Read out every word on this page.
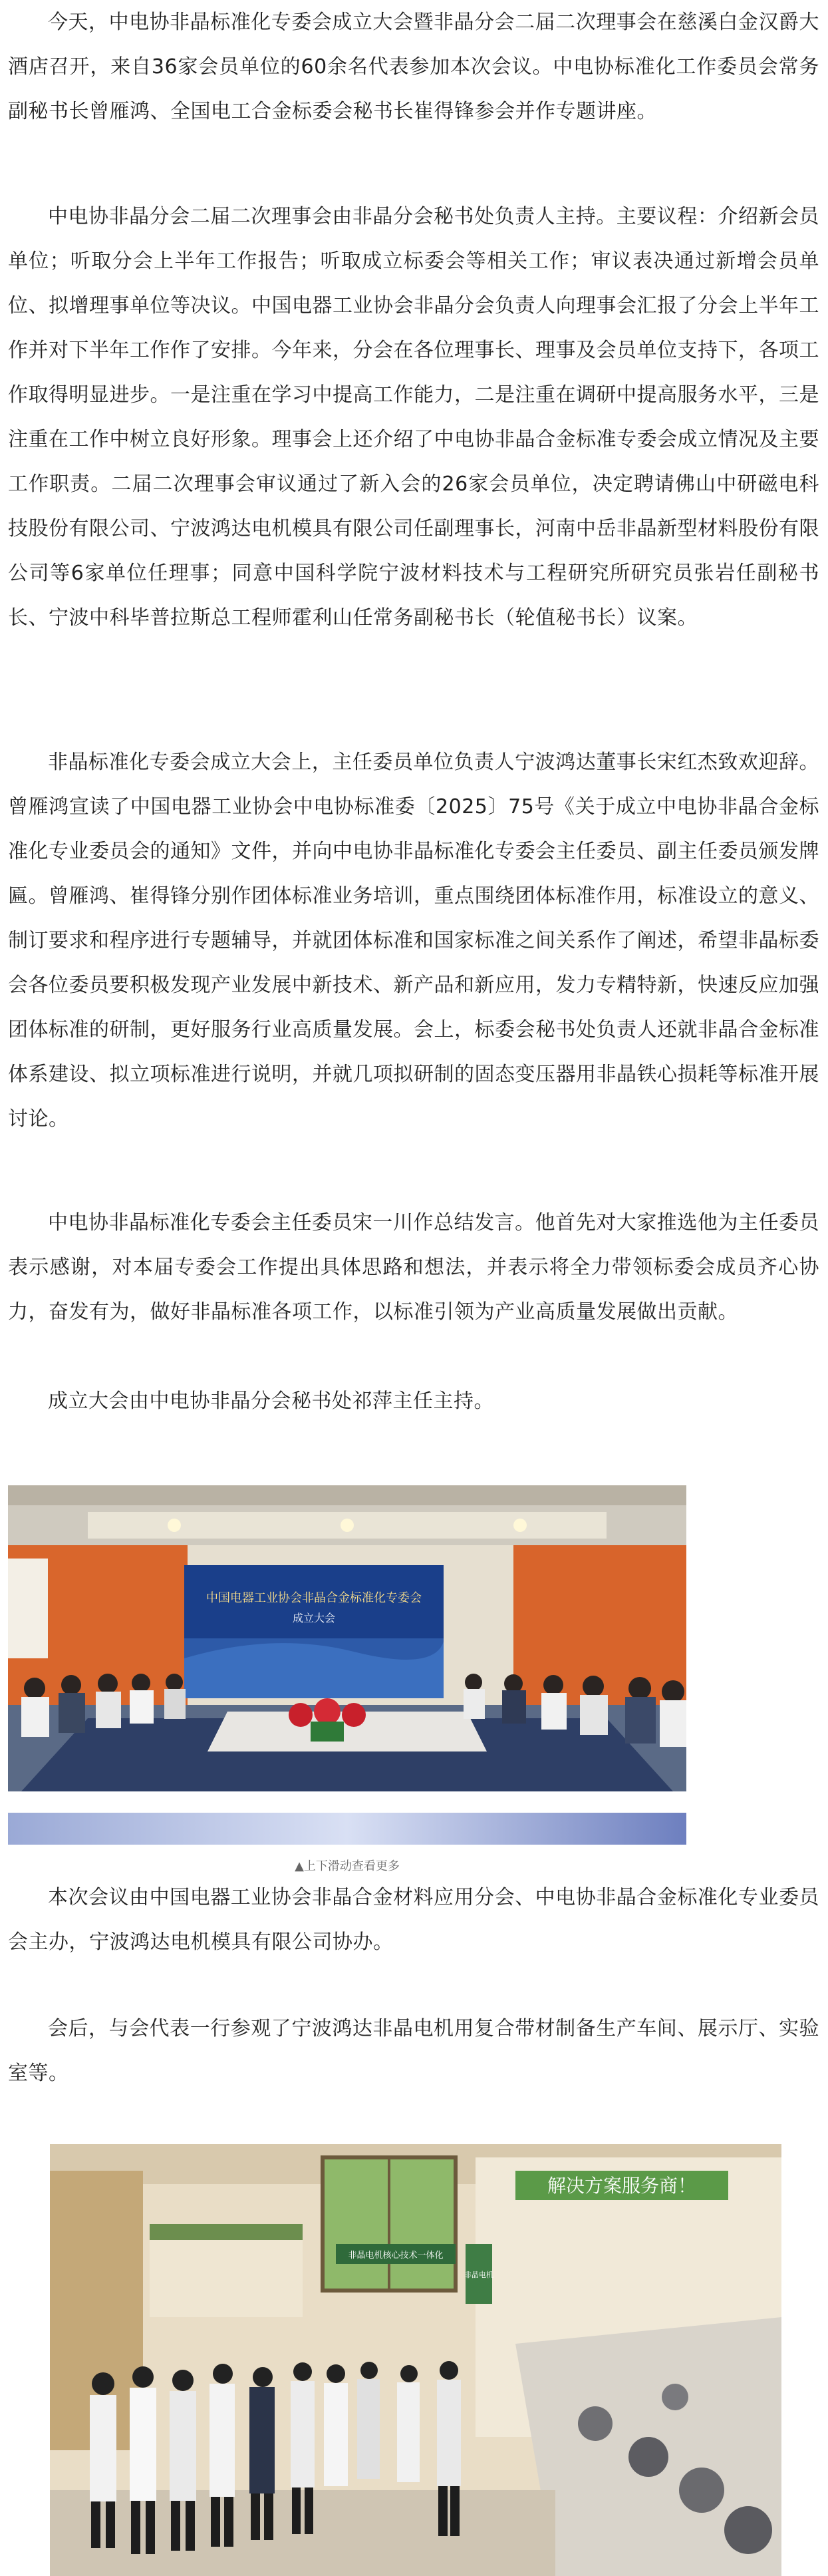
今天，中电协非晶标准化专委会成立大会暨非晶分会二届二次理事会在慈溪白金汉爵大酒店召开，来自36家会员单位的60余名代表参加本次会议。中电协标准化工作委员会常务副秘书长曾雁鸿、全国电工合金标委会秘书长崔得锋参会并作专题讲座。

中电协非晶分会二届二次理事会由非晶分会秘书处负责人主持。主要议程：介绍新会员单位；听取分会上半年工作报告；听取成立标委会等相关工作；审议表决通过新增会员单位、拟增理事单位等决议。中国电器工业协会非晶分会负责人向理事会汇报了分会上半年工作并对下半年工作作了安排。今年来，分会在各位理事长、理事及会员单位支持下，各项工作取得明显进步。一是注重在学习中提高工作能力，二是注重在调研中提高服务水平，三是注重在工作中树立良好形象。理事会上还介绍了中电协非晶合金标准专委会成立情况及主要工作职责。二届二次理事会审议通过了新入会的26家会员单位，决定聘请佛山中研磁电科技股份有限公司、宁波鸿达电机模具有限公司任副理事长，河南中岳非晶新型材料股份有限公司等6家单位任理事；同意中国科学院宁波材料技术与工程研究所研究员张岩任副秘书长、宁波中科毕普拉斯总工程师霍利山任常务副秘书长（轮值秘书长）议案。

非晶标准化专委会成立大会上，主任委员单位负责人宁波鸿达董事长宋红杰致欢迎辞。曾雁鸿宣读了中国电器工业协会中电协标准委〔2025〕75号《关于成立中电协非晶合金标准化专业委员会的通知》文件，并向中电协非晶标准化专委会主任委员、副主任委员颁发牌匾。曾雁鸿、崔得锋分别作团体标准业务培训，重点围绕团体标准作用，标准设立的意义、制订要求和程序进行专题辅导，并就团体标准和国家标准之间关系作了阐述，希望非晶标委会各位委员要积极发现产业发展中新技术、新产品和新应用，发力专精特新，快速反应加强团体标准的研制，更好服务行业高质量发展。会上，标委会秘书处负责人还就非晶合金标准体系建设、拟立项标准进行说明，并就几项拟研制的固态变压器用非晶铁心损耗等标准开展讨论。

中电协非晶标准化专委会主任委员宋一川作总结发言。他首先对大家推选他为主任委员表示感谢，对本届专委会工作提出具体思路和想法，并表示将全力带领标委会成员齐心协力，奋发有为，做好非晶标准各项工作，以标准引领为产业高质量发展做出贡献。

成立大会由中电协非晶分会秘书处祁萍主任主持。

中国电器工业协会非晶合金标准化专委会
成立大会
▲上下滑动查看更多

本次会议由中国电器工业协会非晶合金材料应用分会、中电协非晶合金标准化专业委员会主办，宁波鸿达电机模具有限公司协办。

会后，与会代表一行参观了宁波鸿达非晶电机用复合带材制备生产车间、展示厅、实验室等。

解决方案服务商！
非晶电机核心技术一体化
非晶电机
